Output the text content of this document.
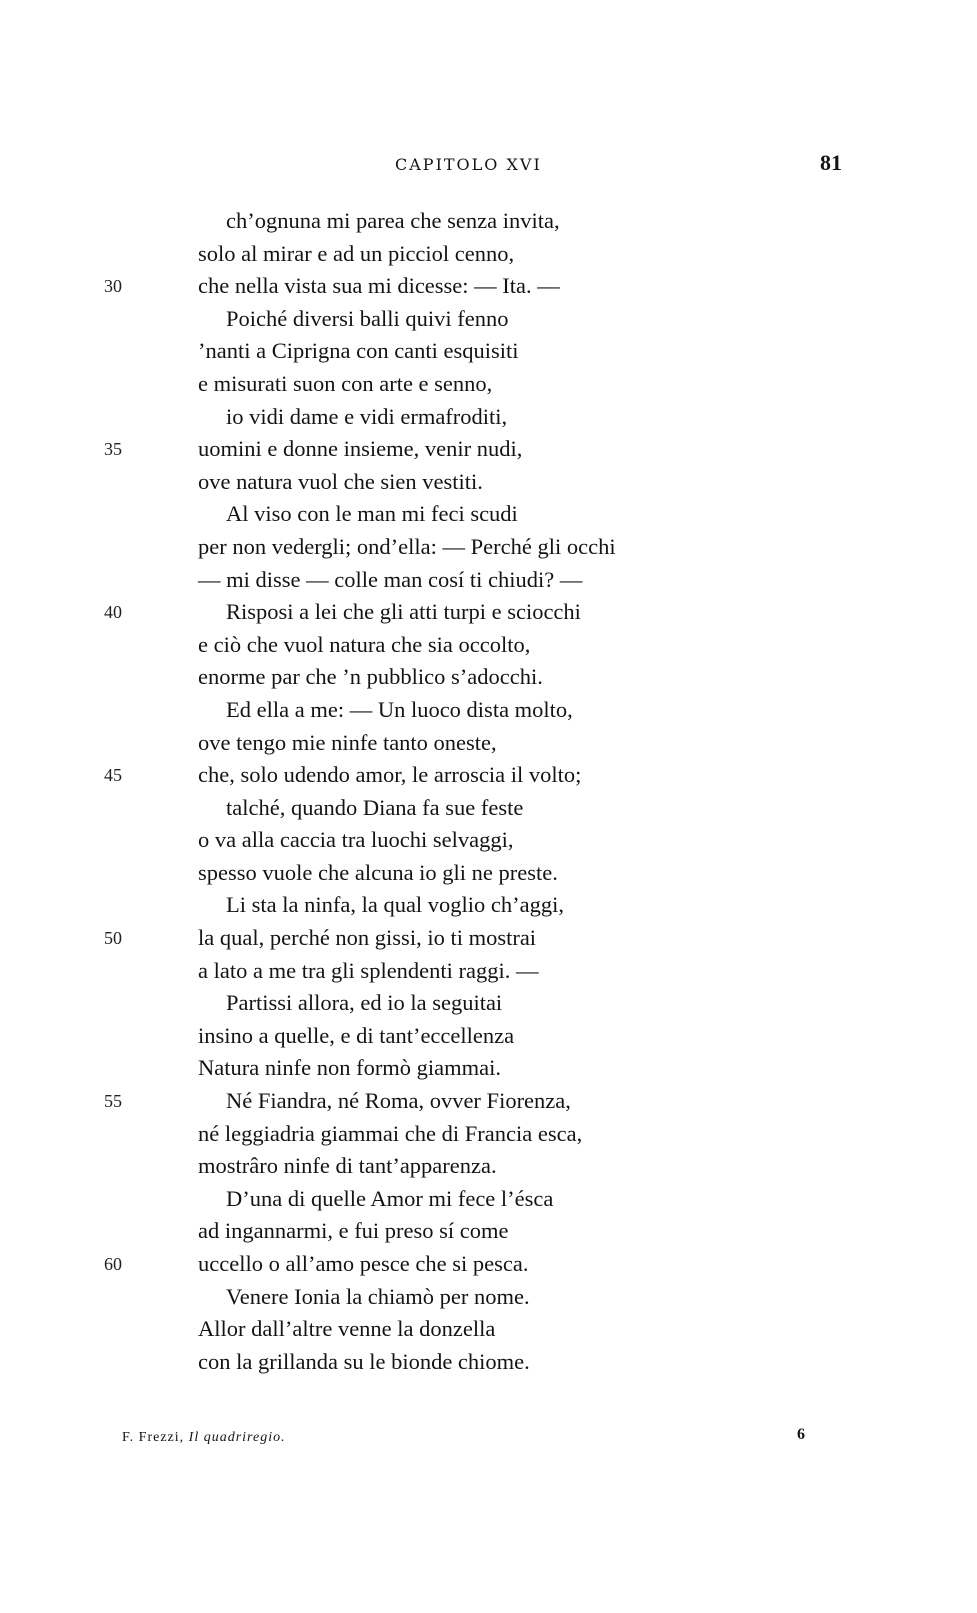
CAPITOLO XVI	81
ch’ognuna mi parea che senza invita,
solo al mirar e ad un picciol cenno,
30	che nella vista sua mi dicesse: — Ita. —
Poiché diversi balli quivi fenno
’nanti a Ciprigna con canti esquisiti
e misurati suon con arte e senno,
io vidi dame e vidi ermafroditi,
35	uomini e donne insieme, venir nudi,
ove natura vuol che sien vestiti.
Al viso con le man mi feci scudi
per non vedergli; ond’ella: — Perché gli occhi
— mi disse — colle man cosí ti chiudi? —
40	Risposi a lei che gli atti turpi e sciocchi
e ciò che vuol natura che sia occolto,
enorme par che ’n pubblico s’adocchi.
Ed ella a me: — Un luoco dista molto,
ove tengo mie ninfe tanto oneste,
45	che, solo udendo amor, le arroscia il volto;
talché, quando Diana fa sue feste
o va alla caccia tra luochi selvaggi,
spesso vuole che alcuna io gli ne preste.
Li sta la ninfa, la qual voglio ch’aggi,
50	la qual, perché non gissi, io ti mostrai
a lato a me tra gli splendenti raggi. —
Partissi allora, ed io la seguitai
insino a quelle, e di tant’eccellenza
Natura ninfe non formò giammai.
55	Né Fiandra, né Roma, ovver Fiorenza,
né leggiadria giammai che di Francia esca,
mostrâro ninfe di tant’apparenza.
D’una di quelle Amor mi fece l’ésca
ad ingannarmi, e fui preso sí come
60	uccello o all’amo pesce che si pesca.
Venere Ionia la chiamò per nome.
Allor dall’altre venne la donzella
con la grillanda su le bionde chiome.
F. Frezzi, Il quadriregio.	6
